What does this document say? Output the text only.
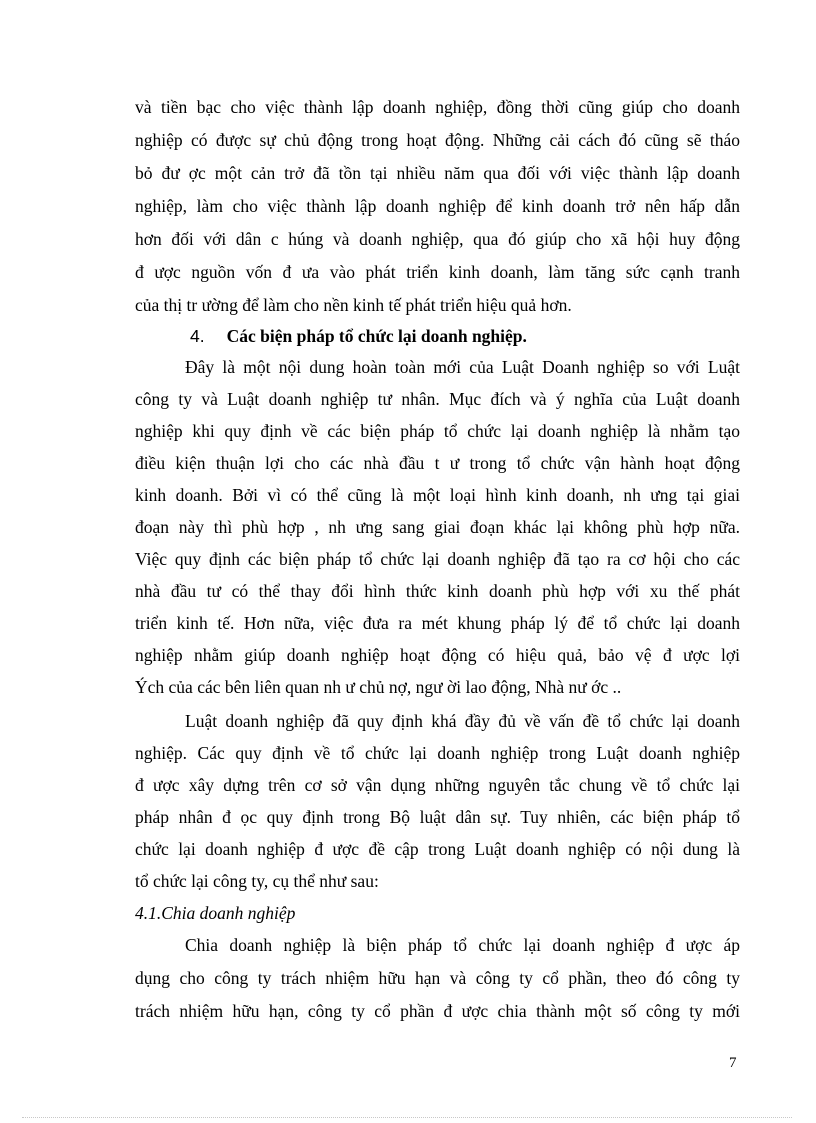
và tiền bạc cho việc thành lập doanh nghiệp, đồng thời cũng giúp cho doanh
nghiệp có được sự chủ động trong hoạt động. Những cải cách đó cũng sẽ tháo
bỏ đư ợc một cản trở đã tồn tại nhiều năm qua đối với việc thành lập doanh
nghiệp, làm cho việc thành lập doanh nghiệp để kinh doanh trở nên hấp dẫn
hơn đối với dân c húng và doanh nghiệp, qua đó giúp cho xã hội huy động
đ ược nguồn vốn đ ưa vào phát triển kinh doanh, làm tăng sức cạnh tranh
của thị tr ường để làm cho nền kinh tế phát triển hiệu quả hơn.
4. Các biện pháp tổ chức lại doanh nghiệp.
Đây là một nội dung hoàn toàn mới của Luật Doanh nghiệp so với Luật
công ty và Luật doanh nghiệp tư nhân. Mục đích và ý nghĩa của Luật doanh
nghiệp khi quy định về các biện pháp tổ chức lại doanh nghiệp là nhằm tạo
điều kiện thuận lợi cho các nhà đầu t ư trong tổ chức vận hành hoạt động
kinh doanh. Bởi vì có thể cũng là một loại hình kinh doanh, nh ưng tại giai
đoạn này thì phù hợp , nh ưng sang giai đoạn khác lại không phù hợp nữa.
Việc quy định các biện pháp tổ chức lại doanh nghiệp đã tạo ra cơ hội cho các
nhà đầu tư có thể thay đổi hình thức kinh doanh phù hợp với xu thế phát
triển kinh tế. Hơn nữa, việc đưa ra mét khung pháp lý để tổ chức lại doanh
nghiệp nhằm giúp doanh nghiệp hoạt động có hiệu quả, bảo vệ đ ược lợi
Ých của các bên liên quan nh ư chủ nợ, ngư ời lao động, Nhà nư ớc ..
Luật doanh nghiệp đã quy định khá đầy đủ về vấn đề tổ chức lại doanh
nghiệp. Các quy định về tổ chức lại doanh nghiệp trong Luật doanh nghiệp
đ ược xây dựng trên cơ sở vận dụng những nguyên tắc chung về tổ chức lại
pháp nhân đ ọc quy định trong Bộ luật dân sự. Tuy nhiên, các biện pháp tổ
chức lại doanh nghiệp đ ược đề cập trong Luật doanh nghiệp có nội dung là
tổ chức lại công ty, cụ thể như sau:
4.1.Chia doanh nghiệp
Chia doanh nghiệp là biện pháp tổ chức lại doanh nghiệp đ ược áp
dụng cho công ty trách nhiệm hữu hạn và công ty cổ phần, theo đó công ty
trách nhiệm hữu hạn, công ty cổ phần đ ược chia thành một số công ty mới
7
